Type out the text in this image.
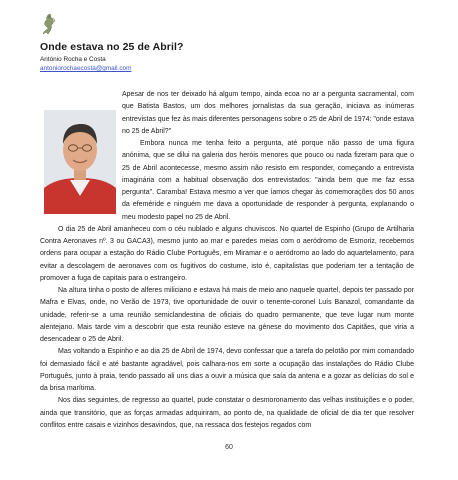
Onde estava no 25 de Abril?
António Rocha e Costa
antoniorochaecosta@gmail.com

Apesar de nos ter deixado há algum tempo, ainda ecoa no ar a pergunta sacramental, com que Batista Bastos, um dos melhores jornalistas da sua geração, iniciava as inúmeras entrevistas que fez às mais diferentes personagens sobre o 25 de Abril de 1974: "onde estava no 25 de Abril?"

Embora nunca me tenha feito a pergunta, até porque não passo de uma figura anónima, que se dilui na galeria dos heróis menores que pouco ou nada fizeram para que o 25 de Abril acontecesse, mesmo assim não resisto em responder, começando a entrevista imaginária com a habitual observação dos entrevistados: "ainda bem que me faz essa pergunta". Caramba! Estava mesmo a ver que íamos chegar às comemorações dos 50 anos da efeméride e ninguém me dava a oportunidade de responder à pergunta, explanando o meu modesto papel no 25 de Abril.

O dia 25 de Abril amanheceu com o céu nublado e alguns chuviscos. No quartel de Espinho (Grupo de Artilharia Contra Aeronaves nº. 3 ou GACA3), mesmo junto ao mar e paredes meias com o aeródromo de Esmoriz, recebemos ordens para ocupar a estação do Rádio Clube Português, em Miramar e o aeródromo ao lado do aquartelamento, para evitar a descolagem de aeronaves com os fugitivos do costume, isto é, capitalistas que poderiam ter a tentação de promover a fuga de capitais para o estrangeiro.

Na altura tinha o posto de alferes miliciano e estava há mais de meio ano naquele quartel, depois ter passado por Mafra e Elvas, onde, no Verão de 1973, tive oportunidade de ouvir o tenente-coronel Luís Banazol, comandante da unidade, referir-se a uma reunião semiclandestina de oficiais do quadro permanente, que teve lugar num monte alentejano. Mais tarde vim a descobrir que esta reunião esteve na génese do movimento dos Capitães, que viria a desencadear o 25 de Abril.

Mas voltando a Espinho e ao dia 25 de Abril de 1974, devo confessar que a tarefa do pelotão por mim comandado foi demasiado fácil e até bastante agradável, pois calhara-nos em sorte a ocupação das instalações do Rádio Clube Português, junto à praia, tendo passado ali uns dias a ouvir a música que saía da antena e a gozar as delícias do sol e da brisa marítima.

Nos dias seguintes, de regresso ao quartel, pude constatar o desmoronamento das velhas instituições e o poder, ainda que transitório, que as forças armadas adquiriram, ao ponto de, na qualidade de oficial de dia ter que resolver conflitos entre casais e vizinhos desavindos, que, na ressaca dos festejos regados com

60
